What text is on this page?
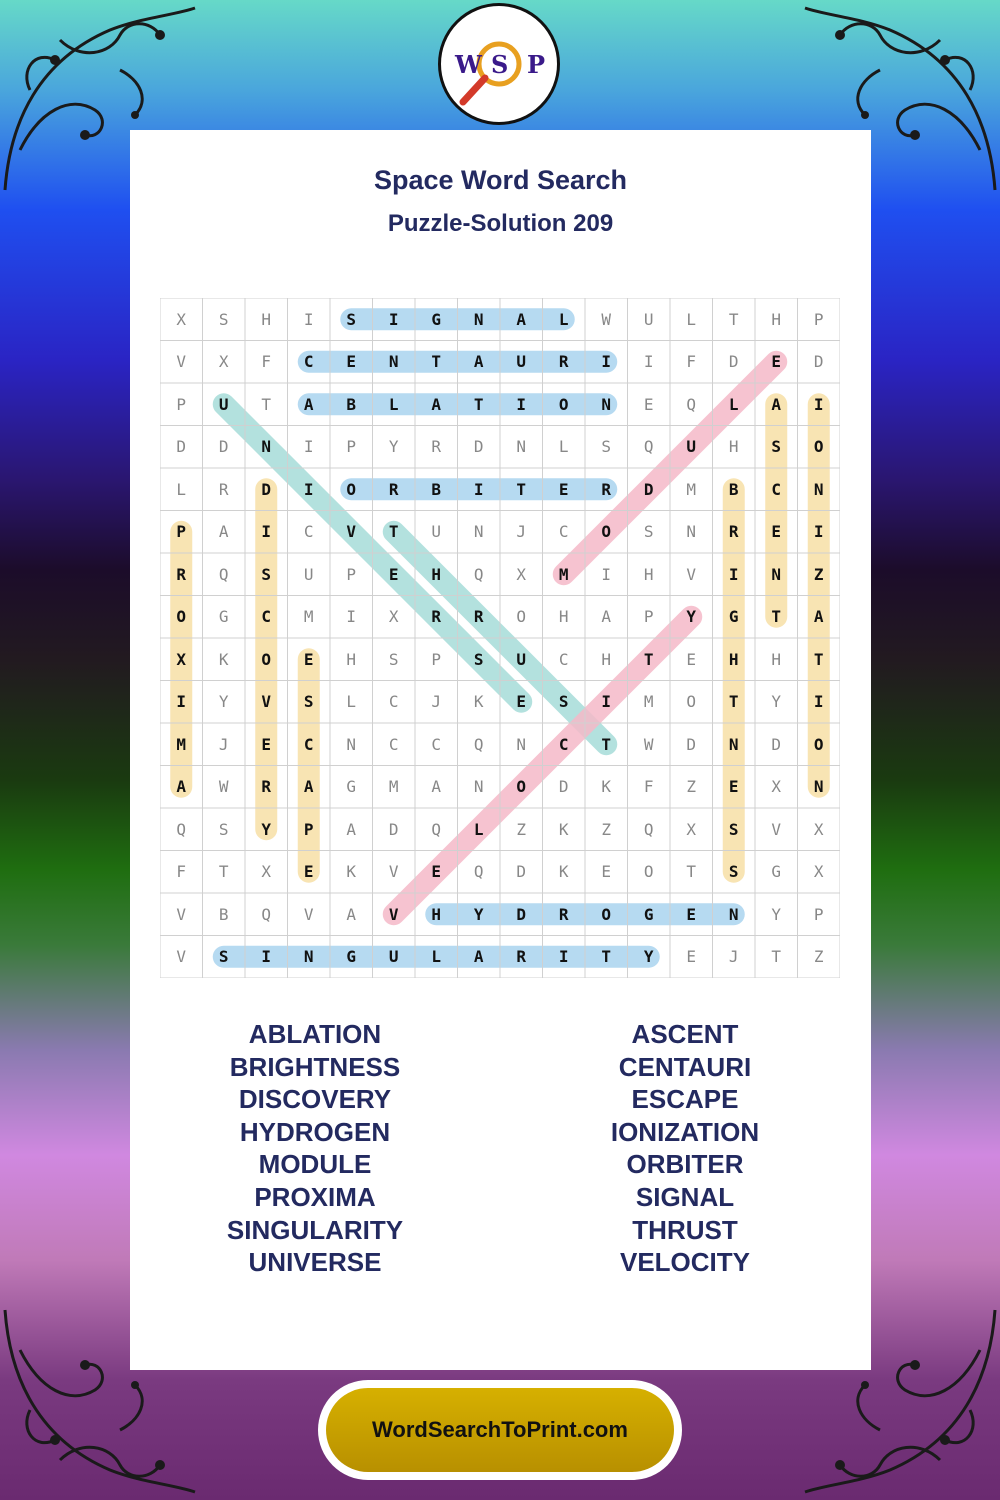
W S P
Space Word Search
Puzzle-Solution 209
X	S	H	I	S	I	G	N	A	L	W	U	L	T	H	P
V	X	F	C	E	N	T	A	U	R	I	I	F	D	E	D
P	U	T	A	B	L	A	T	I	O	N	E	Q	L	A	I
D	D	N	I	P	Y	R	D	N	L	S	Q	U	H	S	O
L	R	D	I	O	R	B	I	T	E	R	D	M	B	C	N
P	A	I	C	V	T	U	N	J	C	O	S	N	R	E	I
R	Q	S	U	P	E	H	Q	X	M	I	H	V	I	N	Z
O	G	C	M	I	X	R	R	O	H	A	P	Y	G	T	A
X	K	O	E	H	S	P	S	U	C	H	T	E	H	H	T
I	Y	V	S	L	C	J	K	E	S	I	M	O	T	Y	I
M	J	E	C	N	C	C	Q	N	C	T	W	D	N	D	O
A	W	R	A	G	M	A	N	O	D	K	F	Z	E	X	N
Q	S	Y	P	A	D	Q	L	Z	K	Z	Q	X	S	V	X
F	T	X	E	K	V	E	Q	D	K	E	O	T	S	G	X
V	B	Q	V	A	V	H	Y	D	R	O	G	E	N	Y	P
V	S	I	N	G	U	L	A	R	I	T	Y	E	J	T	Z
ABLATION
BRIGHTNESS
DISCOVERY
HYDROGEN
MODULE
PROXIMA
SINGULARITY
UNIVERSE
ASCENT
CENTAURI
ESCAPE
IONIZATION
ORBITER
SIGNAL
THRUST
VELOCITY
WordSearchToPrint.com
